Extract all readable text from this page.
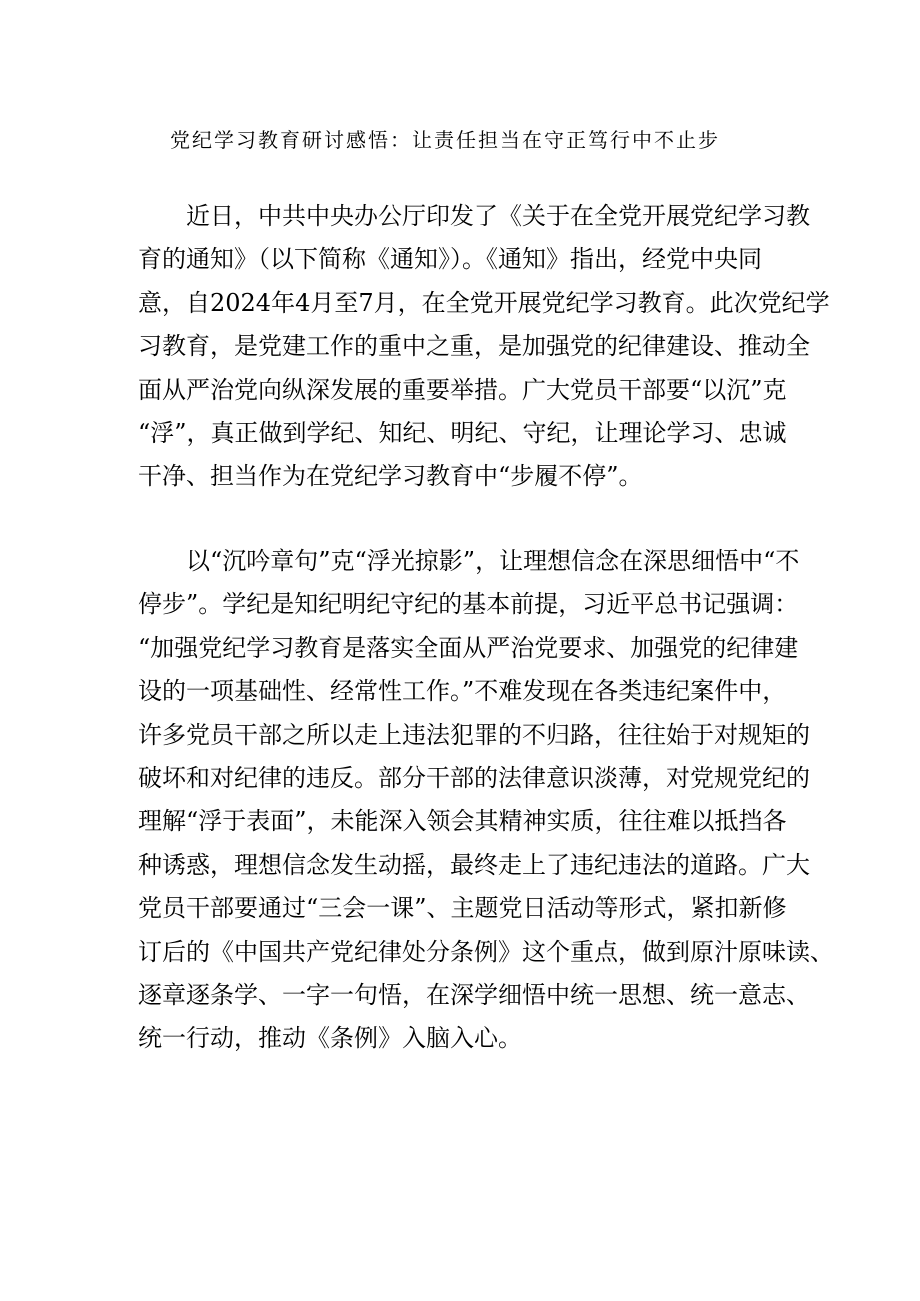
党纪学习教育研讨感悟：让责任担当在守正笃行中不止步
　　近日，中共中央办公厅印发了《关于在全党开展党纪学习教
育的通知》（以下简称《通知》）。《通知》指出，经党中央同
意，自2024年4月至7月，在全党开展党纪学习教育。此次党纪学
习教育，是党建工作的重中之重，是加强党的纪律建设、推动全
面从严治党向纵深发展的重要举措。广大党员干部要“以沉”克
“浮”，真正做到学纪、知纪、明纪、守纪，让理论学习、忠诚
干净、担当作为在党纪学习教育中“步履不停”。
　　以“沉吟章句”克“浮光掠影”，让理想信念在深思细悟中“不
停步”。学纪是知纪明纪守纪的基本前提，习近平总书记强调：
“加强党纪学习教育是落实全面从严治党要求、加强党的纪律建
设的一项基础性、经常性工作。”不难发现在各类违纪案件中，
许多党员干部之所以走上违法犯罪的不归路，往往始于对规矩的
破坏和对纪律的违反。部分干部的法律意识淡薄，对党规党纪的
理解“浮于表面”，未能深入领会其精神实质，往往难以抵挡各
种诱惑，理想信念发生动摇，最终走上了违纪违法的道路。广大
党员干部要通过“三会一课”、主题党日活动等形式，紧扣新修
订后的《中国共产党纪律处分条例》这个重点，做到原汁原味读、
逐章逐条学、一字一句悟，在深学细悟中统一思想、统一意志、
统一行动，推动《条例》入脑入心。
